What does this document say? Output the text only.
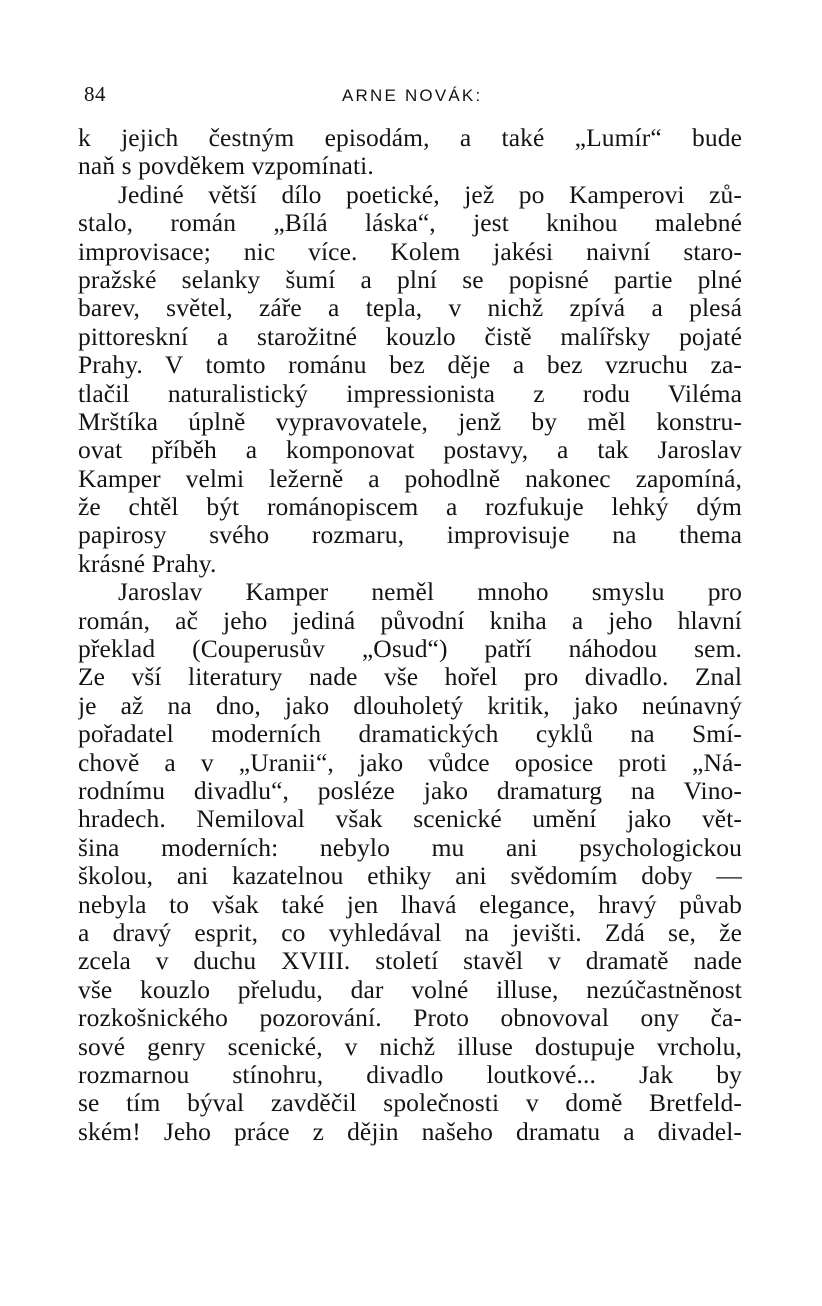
84	ARNE NOVÁK:
k jejich čestným episodám, a také „Lumír“ bude
naň s povděkem vzpomínati.
Jediné větší dílo poetické, jež po Kamperovi zů-
stalo, román „Bílá láska“, jest knihou malebné
improvisace; nic více. Kolem jakési naivní staro-
pražské selanky šumí a plní se popisné partie plné
barev, světel, záře a tepla, v nichž zpívá a plesá
pittoreskní a starožitné kouzlo čistě malířsky pojaté
Prahy. V tomto románu bez děje a bez vzruchu za-
tlačil naturalistický impressionista z rodu Viléma
Mrštíka úplně vypravovatele, jenž by měl konstru-
ovat příběh a komponovat postavy, a tak Jaroslav
Kamper velmi ležerně a pohodlně nakonec zapomíná,
že chtěl být románopiscem a rozfukuje lehký dým
papirosy svého rozmaru, improvisuje na thema
krásné Prahy.
Jaroslav Kamper neměl mnoho smyslu pro
román, ač jeho jediná původní kniha a jeho hlavní
překlad (Couperusův „Osud“) patří náhodou sem.
Ze vší literatury nade vše hořel pro divadlo. Znal
je až na dno, jako dlouholetý kritik, jako neúnavný
pořadatel moderních dramatických cyklů na Smí-
chově a v „Uranii“, jako vůdce oposice proti „Ná-
rodnímu divadlu“, posléze jako dramaturg na Vino-
hradech. Nemiloval však scenické umění jako vět-
šina moderních: nebylo mu ani psychologickou
školou, ani kazatelnou ethiky ani svědomím doby —
nebyla to však také jen lhavá elegance, hravý půvab
a dravý esprit, co vyhledával na jevišti. Zdá se, že
zcela v duchu XVIII. století stavěl v dramatě nade
vše kouzlo přeludu, dar volné illuse, nezúčastněnost
rozkošnického pozorování. Proto obnovoval ony ča-
sové genry scenické, v nichž illuse dostupuje vrcholu,
rozmarnou stínohru, divadlo loutkové... Jak by
se tím býval zavděčil společnosti v domě Bretfeld-
ském! Jeho práce z dějin našeho dramatu a divadel-
